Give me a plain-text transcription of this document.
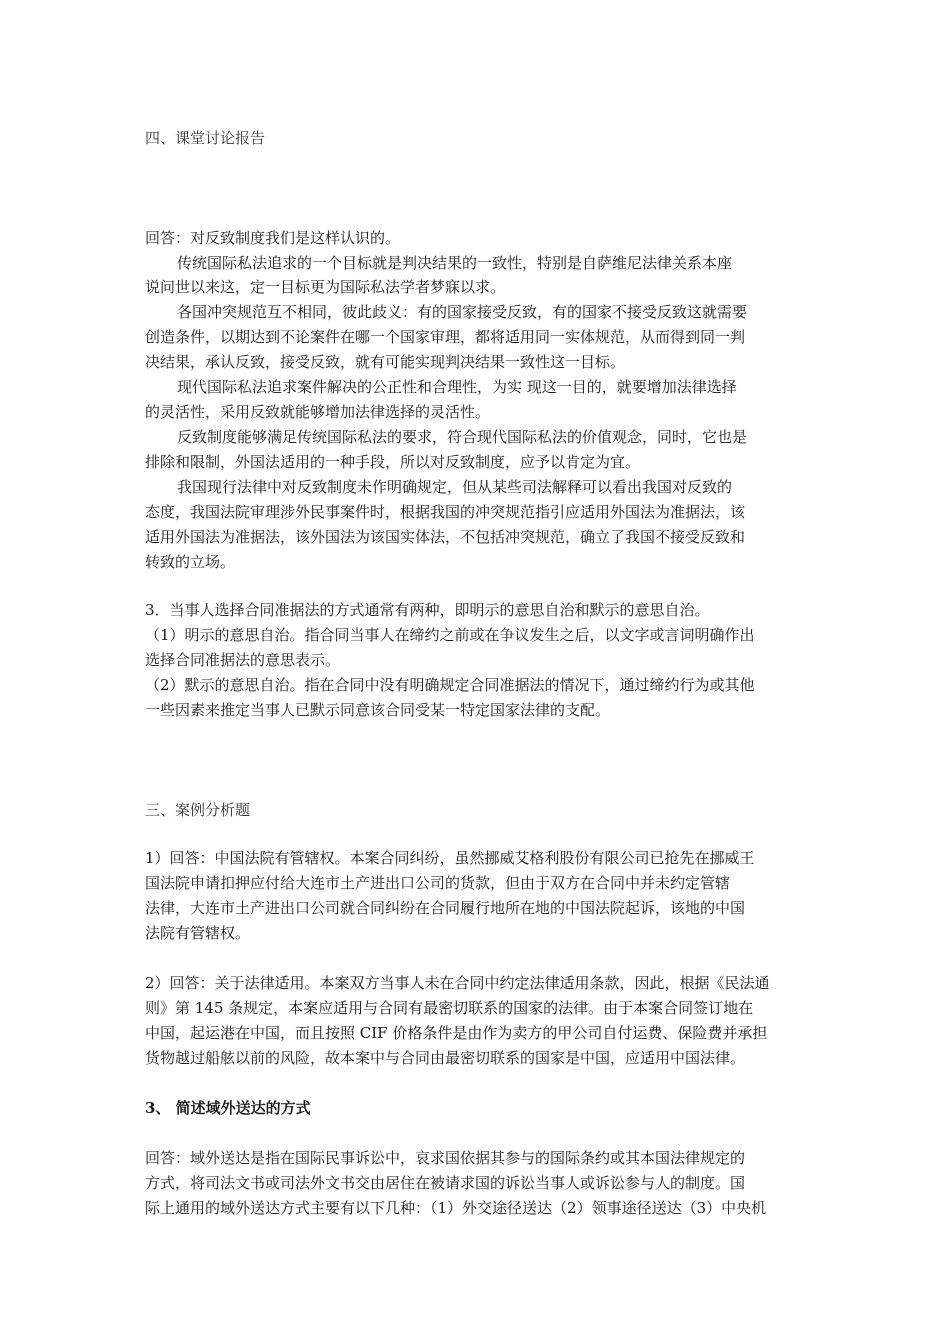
四、课堂讨论报告
回答：对反致制度我们是这样认识的。
传统国际私法追求的一个目标就是判决结果的一致性，特别是自萨维尼法律关系本座
说问世以来这，定一目标更为国际私法学者梦寐以求。
各国冲突规范互不相同，彼此歧义：有的国家接受反致，有的国家不接受反致这就需要
创造条件，以期达到不论案件在哪一个国家审理，都将适用同一实体规范，从而得到同一判
决结果，承认反致，接受反致，就有可能实现判决结果一致性这一目标。
现代国际私法追求案件解决的公正性和合理性，为实 现这一目的，就要增加法律选择
的灵活性，采用反致就能够增加法律选择的灵活性。
反致制度能够满足传统国际私法的要求，符合现代国际私法的价值观念，同时，它也是
排除和限制，外国法适用的一种手段，所以对反致制度，应予以肯定为宜。
我国现行法律中对反致制度未作明确规定，但从某些司法解释可以看出我国对反致的
态度，我国法院审理涉外民事案件时，根据我国的冲突规范指引应适用外国法为准据法，该
适用外国法为准据法，该外国法为该国实体法，不包括冲突规范，确立了我国不接受反致和
转致的立场。
3．当事人选择合同准据法的方式通常有两种，即明示的意思自治和默示的意思自治。
（1）明示的意思自治。指合同当事人在缔约之前或在争议发生之后，以文字或言词明确作出
选择合同准据法的意思表示。
（2）默示的意思自治。指在合同中没有明确规定合同准据法的情况下，通过缔约行为或其他
一些因素来推定当事人已默示同意该合同受某一特定国家法律的支配。
三、案例分析题
1）回答：中国法院有管辖权。本案合同纠纷，虽然挪威艾格利股份有限公司已抢先在挪威王
国法院申请扣押应付给大连市土产进出口公司的货款，但由于双方在合同中并未约定管辖
法律，大连市土产进出口公司就合同纠纷在合同履行地所在地的中国法院起诉，该地的中国
法院有管辖权。
2）回答：关于法律适用。本案双方当事人未在合同中约定法律适用条款，因此，根据《民法通
则》第 145 条规定，本案应适用与合同有最密切联系的国家的法律。由于本案合同签订地在
中国，起运港在中国，而且按照 CIF 价格条件是由作为卖方的甲公司自付运费、保险费并承担
货物越过船舷以前的风险，故本案中与合同由最密切联系的国家是中国，应适用中国法律。
3、 简述域外送达的方式
回答：域外送达是指在国际民事诉讼中，哀求国依据其参与的国际条约或其本国法律规定的
方式，将司法文书或司法外文书交由居住在被请求国的诉讼当事人或诉讼参与人的制度。国
际上通用的域外送达方式主要有以下几种：（1）外交途径送达（2）领事途径送达（3）中央机
